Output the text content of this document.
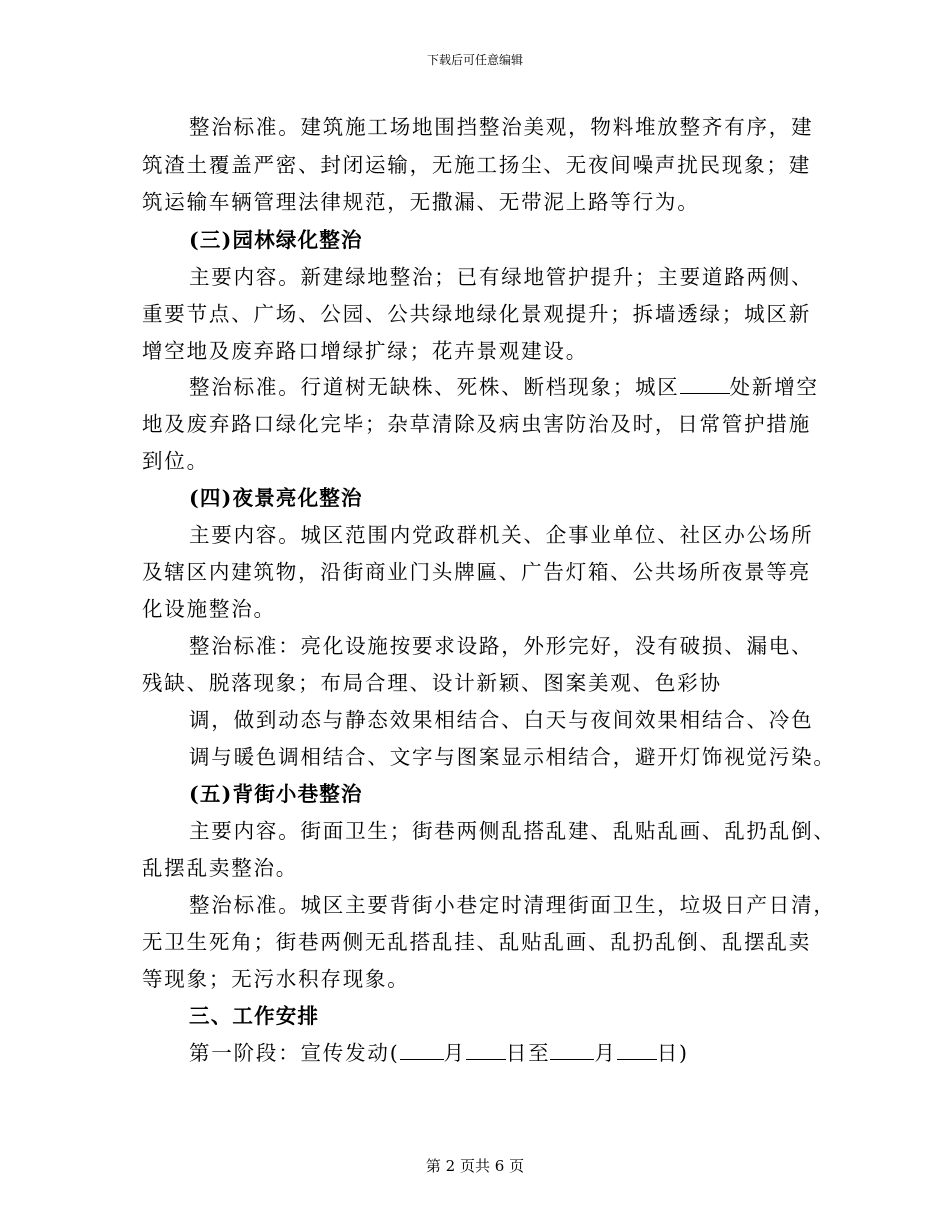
下载后可任意编辑
整治标准。建筑施工场地围挡整治美观，物料堆放整齐有序，建
筑渣土覆盖严密、封闭运输，无施工扬尘、无夜间噪声扰民现象；建
筑运输车辆管理法律规范，无撒漏、无带泥上路等行为。
(三)园林绿化整治
主要内容。新建绿地整治；已有绿地管护提升；主要道路两侧、
重要节点、广场、公园、公共绿地绿化景观提升；拆墙透绿；城区新
增空地及废弃路口增绿扩绿；花卉景观建设。
整治标准。行道树无缺株、死株、断档现象；城区 处新增空
地及废弃路口绿化完毕；杂草清除及病虫害防治及时，日常管护措施
到位。
(四)夜景亮化整治
主要内容。城区范围内党政群机关、企事业单位、社区办公场所
及辖区内建筑物，沿街商业门头牌匾、广告灯箱、公共场所夜景等亮
化设施整治。
整治标准：亮化设施按要求设路，外形完好，没有破损、漏电、
残缺、脱落现象；布局合理、设计新颖、图案美观、色彩协
调，做到动态与静态效果相结合、白天与夜间效果相结合、冷色
调与暖色调相结合、文字与图案显示相结合，避开灯饰视觉污染。
(五)背街小巷整治
主要内容。街面卫生；街巷两侧乱搭乱建、乱贴乱画、乱扔乱倒、
乱摆乱卖整治。
整治标准。城区主要背街小巷定时清理街面卫生，垃圾日产日清，
无卫生死角；街巷两侧无乱搭乱挂、乱贴乱画、乱扔乱倒、乱摆乱卖
等现象；无污水积存现象。
三、工作安排
第一阶段：宣传发动( 月 日至 月 日)
第 2 页共 6 页
